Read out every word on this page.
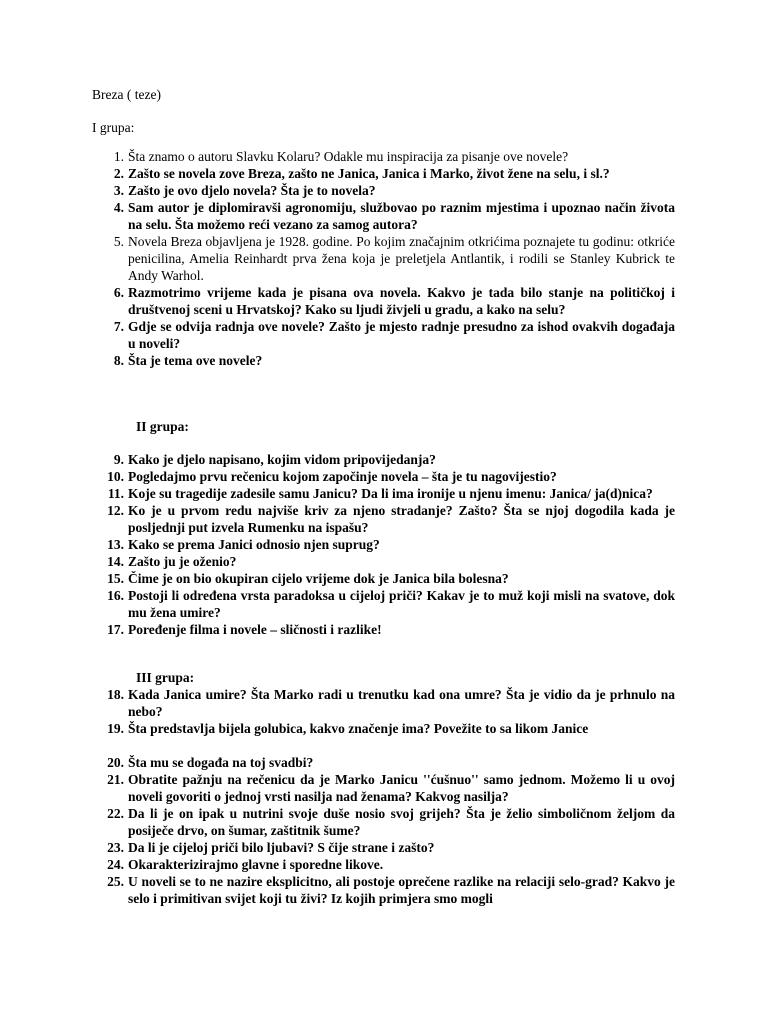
Breza ( teze)
I grupa:
1. Šta znamo o autoru Slavku Kolaru? Odakle mu inspiracija za pisanje ove novele?
2. Zašto se novela zove Breza, zašto ne Janica, Janica i Marko, život žene na selu, i sl.?
3. Zašto je ovo djelo novela? Šta je to novela?
4. Sam autor je diplomiravši agronomiju, službovao po raznim mjestima i upoznao način života na selu. Šta možemo reći vezano za samog autora?
5. Novela Breza objavljena je 1928. godine. Po kojim značajnim otkrićima poznajete tu godinu: otkriće penicilina, Amelia Reinhardt prva žena koja je preletjela Antlantik, i rodili se Stanley Kubrick te Andy Warhol.
6. Razmotrimo vrijeme kada je pisana ova novela. Kakvo je tada bilo stanje na političkoj i društvenoj sceni u Hrvatskoj? Kako su ljudi živjeli u gradu, a kako na selu?
7. Gdje se odvija radnja ove novele? Zašto je mjesto radnje presudno za ishod ovakvih događaja u noveli?
8. Šta je tema ove novele?
II grupa:
9. Kako je djelo napisano, kojim vidom pripovijedanja?
10. Pogledajmo prvu rečenicu kojom započinje novela – šta je tu nagovijestio?
11. Koje su tragedije zadesile samu Janicu? Da li ima ironije u njenu imenu: Janica/ ja(d)nica?
12. Ko je u prvom redu najviše kriv za njeno stradanje? Zašto? Šta se njoj dogodila kada je posljednji put izvela Rumenku na ispašu?
13. Kako se prema Janici odnosio njen suprug?
14. Zašto ju je oženio?
15. Čime je on bio okupiran cijelo vrijeme dok je Janica bila bolesna?
16. Postoji li određena vrsta paradoksa u cijeloj priči? Kakav je to muž koji misli na svatove, dok mu žena umire?
17. Poređenje filma i novele – sličnosti i razlike!
III grupa:
18. Kada Janica umire? Šta Marko radi u trenutku kad ona umre? Šta je vidio da je prhnulo na nebo?
19. Šta predstavlja bijela golubica, kakvo značenje ima? Povežite to sa likom Janice
20. Šta mu se događa na toj svadbi?
21. Obratite pažnju na rečenicu da je Marko Janicu ''ćušnuo'' samo jednom. Možemo li u ovoj noveli govoriti o jednoj vrsti nasilja nad ženama? Kakvog nasilja?
22. Da li je on ipak u nutrini svoje duše nosio svoj grijeh? Šta je želio simboličnom željom da posiječe drvo, on šumar, zaštitnik šume?
23. Da li je cijeloj priči bilo ljubavi? S čije strane i zašto?
24. Okarakterizirajmo glavne i sporedne likove.
25. U noveli se to ne nazire eksplicitno, ali postoje oprečene razlike na relaciji selo-grad? Kakvo je selo i primitivan svijet koji tu živi? Iz kojih primjera smo mogli
